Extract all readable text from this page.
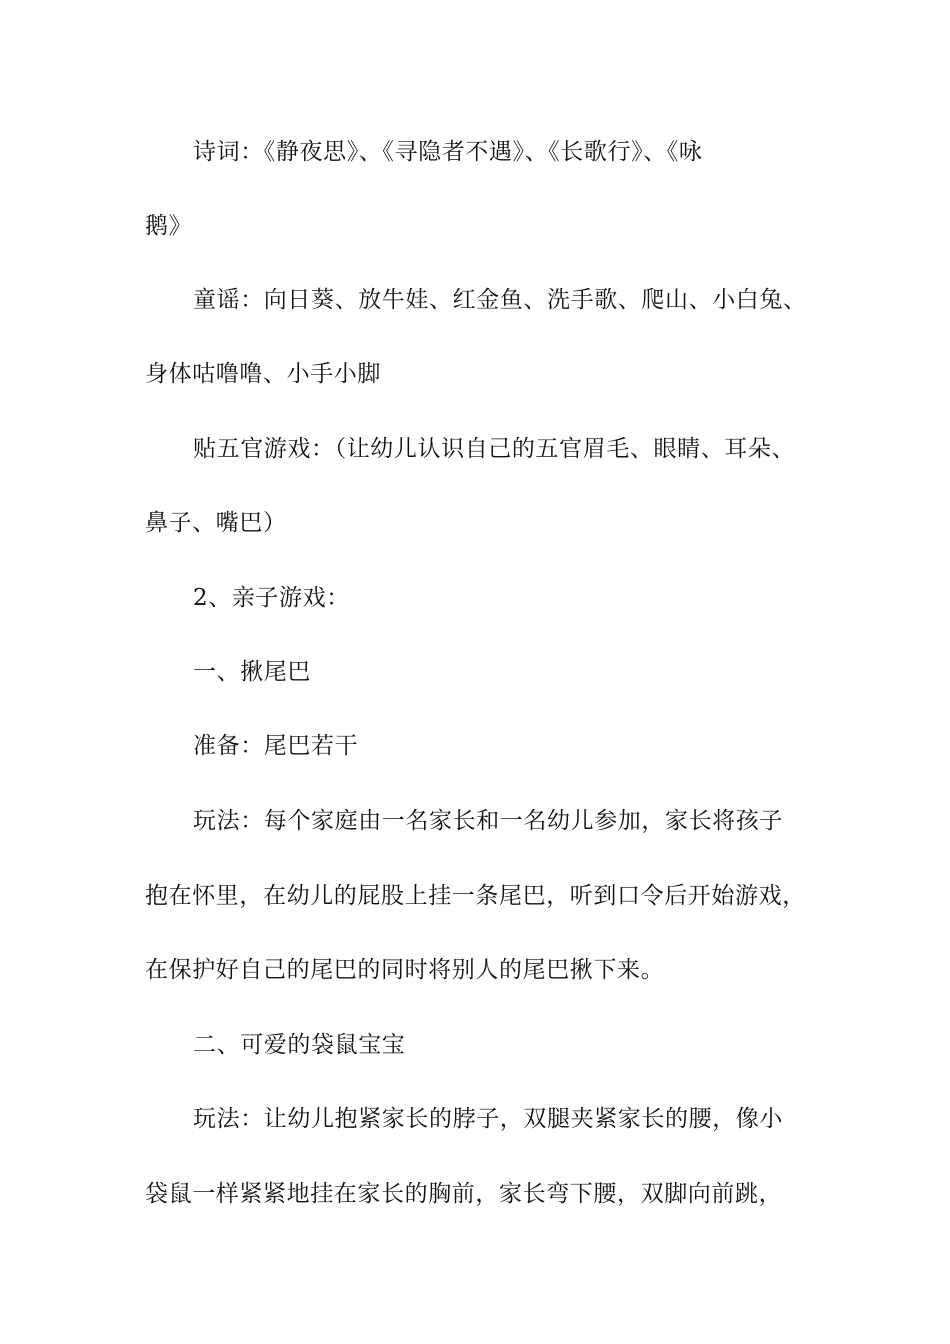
诗词：《静夜思》、《寻隐者不遇》、《长歌行》、《咏
鹅》
童谣：向日葵、放牛娃、红金鱼、洗手歌、爬山、小白兔、
身体咕噜噜、小手小脚
贴五官游戏：（让幼儿认识自己的五官眉毛、眼睛、耳朵、
鼻子、嘴巴）
2、亲子游戏：
一、揪尾巴
准备：尾巴若干
玩法：每个家庭由一名家长和一名幼儿参加，家长将孩子
抱在怀里，在幼儿的屁股上挂一条尾巴，听到口令后开始游戏，
在保护好自己的尾巴的同时将别人的尾巴揪下来。
二、可爱的袋鼠宝宝
玩法：让幼儿抱紧家长的脖子，双腿夹紧家长的腰，像小
袋鼠一样紧紧地挂在家长的胸前，家长弯下腰，双脚向前跳，
